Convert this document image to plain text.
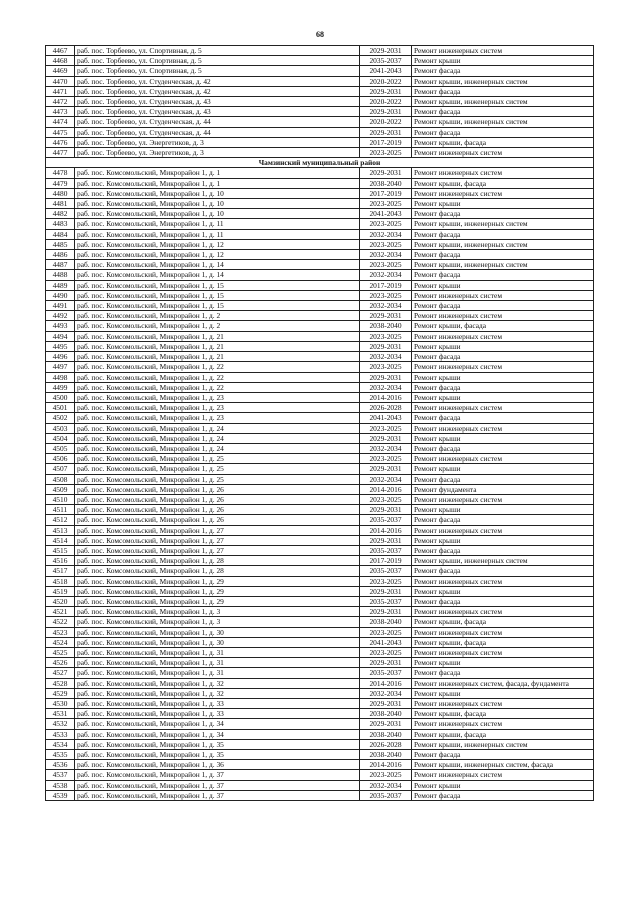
68
4467	раб. пос. Торбеево, ул. Спортивная, д. 5	2029-2031	Ремонт инженерных систем
4468	раб. пос. Торбеево, ул. Спортивная, д. 5	2035-2037	Ремонт крыши
4469	раб. пос. Торбеево, ул. Спортивная, д. 5	2041-2043	Ремонт фасада
4470	раб. пос. Торбеево, ул. Студенческая, д. 42	2020-2022	Ремонт крыши, инженерных систем
4471	раб. пос. Торбеево, ул. Студенческая, д. 42	2029-2031	Ремонт фасада
4472	раб. пос. Торбеево, ул. Студенческая, д. 43	2020-2022	Ремонт крыши, инженерных систем
4473	раб. пос. Торбеево, ул. Студенческая, д. 43	2029-2031	Ремонт фасада
4474	раб. пос. Торбеево, ул. Студенческая, д. 44	2020-2022	Ремонт крыши, инженерных систем
4475	раб. пос. Торбеево, ул. Студенческая, д. 44	2029-2031	Ремонт фасада
4476	раб. пос. Торбеево, ул. Энергетиков, д. 3	2017-2019	Ремонт крыши, фасада
4477	раб. пос. Торбеево, ул. Энергетиков, д. 3	2023-2025	Ремонт инженерных систем
Чамзинский муниципальный район			
4478	раб. пос. Комсомольский, Микрорайон 1, д. 1	2029-2031	Ремонт инженерных систем
4479	раб. пос. Комсомольский, Микрорайон 1, д. 1	2038-2040	Ремонт крыши, фасада
4480	раб. пос. Комсомольский, Микрорайон 1, д. 10	2017-2019	Ремонт инженерных систем
4481	раб. пос. Комсомольский, Микрорайон 1, д. 10	2023-2025	Ремонт крыши
4482	раб. пос. Комсомольский, Микрорайон 1, д. 10	2041-2043	Ремонт фасада
4483	раб. пос. Комсомольский, Микрорайон 1, д. 11	2023-2025	Ремонт крыши, инженерных систем
4484	раб. пос. Комсомольский, Микрорайон 1, д. 11	2032-2034	Ремонт фасада
4485	раб. пос. Комсомольский, Микрорайон 1, д. 12	2023-2025	Ремонт крыши, инженерных систем
4486	раб. пос. Комсомольский, Микрорайон 1, д. 12	2032-2034	Ремонт фасада
4487	раб. пос. Комсомольский, Микрорайон 1, д. 14	2023-2025	Ремонт крыши, инженерных систем
4488	раб. пос. Комсомольский, Микрорайон 1, д. 14	2032-2034	Ремонт фасада
4489	раб. пос. Комсомольский, Микрорайон 1, д. 15	2017-2019	Ремонт крыши
4490	раб. пос. Комсомольский, Микрорайон 1, д. 15	2023-2025	Ремонт инженерных систем
4491	раб. пос. Комсомольский, Микрорайон 1, д. 15	2032-2034	Ремонт фасада
4492	раб. пос. Комсомольский, Микрорайон 1, д. 2	2029-2031	Ремонт инженерных систем
4493	раб. пос. Комсомольский, Микрорайон 1, д. 2	2038-2040	Ремонт крыши, фасада
4494	раб. пос. Комсомольский, Микрорайон 1, д. 21	2023-2025	Ремонт инженерных систем
4495	раб. пос. Комсомольский, Микрорайон 1, д. 21	2029-2031	Ремонт крыши
4496	раб. пос. Комсомольский, Микрорайон 1, д. 21	2032-2034	Ремонт фасада
4497	раб. пос. Комсомольский, Микрорайон 1, д. 22	2023-2025	Ремонт инженерных систем
4498	раб. пос. Комсомольский, Микрорайон 1, д. 22	2029-2031	Ремонт крыши
4499	раб. пос. Комсомольский, Микрорайон 1, д. 22	2032-2034	Ремонт фасада
4500	раб. пос. Комсомольский, Микрорайон 1, д. 23	2014-2016	Ремонт крыши
4501	раб. пос. Комсомольский, Микрорайон 1, д. 23	2026-2028	Ремонт инженерных систем
4502	раб. пос. Комсомольский, Микрорайон 1, д. 23	2041-2043	Ремонт фасада
4503	раб. пос. Комсомольский, Микрорайон 1, д. 24	2023-2025	Ремонт инженерных систем
4504	раб. пос. Комсомольский, Микрорайон 1, д. 24	2029-2031	Ремонт крыши
4505	раб. пос. Комсомольский, Микрорайон 1, д. 24	2032-2034	Ремонт фасада
4506	раб. пос. Комсомольский, Микрорайон 1, д. 25	2023-2025	Ремонт инженерных систем
4507	раб. пос. Комсомольский, Микрорайон 1, д. 25	2029-2031	Ремонт крыши
4508	раб. пос. Комсомольский, Микрорайон 1, д. 25	2032-2034	Ремонт фасада
4509	раб. пос. Комсомольский, Микрорайон 1, д. 26	2014-2016	Ремонт фундамента
4510	раб. пос. Комсомольский, Микрорайон 1, д. 26	2023-2025	Ремонт инженерных систем
4511	раб. пос. Комсомольский, Микрорайон 1, д. 26	2029-2031	Ремонт крыши
4512	раб. пос. Комсомольский, Микрорайон 1, д. 26	2035-2037	Ремонт фасада
4513	раб. пос. Комсомольский, Микрорайон 1, д. 27	2014-2016	Ремонт инженерных систем
4514	раб. пос. Комсомольский, Микрорайон 1, д. 27	2029-2031	Ремонт крыши
4515	раб. пос. Комсомольский, Микрорайон 1, д. 27	2035-2037	Ремонт фасада
4516	раб. пос. Комсомольский, Микрорайон 1, д. 28	2017-2019	Ремонт крыши, инженерных систем
4517	раб. пос. Комсомольский, Микрорайон 1, д. 28	2035-2037	Ремонт фасада
4518	раб. пос. Комсомольский, Микрорайон 1, д. 29	2023-2025	Ремонт инженерных систем
4519	раб. пос. Комсомольский, Микрорайон 1, д. 29	2029-2031	Ремонт крыши
4520	раб. пос. Комсомольский, Микрорайон 1, д. 29	2035-2037	Ремонт фасада
4521	раб. пос. Комсомольский, Микрорайон 1, д. 3	2029-2031	Ремонт инженерных систем
4522	раб. пос. Комсомольский, Микрорайон 1, д. 3	2038-2040	Ремонт крыши, фасада
4523	раб. пос. Комсомольский, Микрорайон 1, д. 30	2023-2025	Ремонт инженерных систем
4524	раб. пос. Комсомольский, Микрорайон 1, д. 30	2041-2043	Ремонт крыши, фасада
4525	раб. пос. Комсомольский, Микрорайон 1, д. 31	2023-2025	Ремонт инженерных систем
4526	раб. пос. Комсомольский, Микрорайон 1, д. 31	2029-2031	Ремонт крыши
4527	раб. пос. Комсомольский, Микрорайон 1, д. 31	2035-2037	Ремонт фасада
4528	раб. пос. Комсомольский, Микрорайон 1, д. 32	2014-2016	Ремонт инженерных систем, фасада, фундамента
4529	раб. пос. Комсомольский, Микрорайон 1, д. 32	2032-2034	Ремонт крыши
4530	раб. пос. Комсомольский, Микрорайон 1, д. 33	2029-2031	Ремонт инженерных систем
4531	раб. пос. Комсомольский, Микрорайон 1, д. 33	2038-2040	Ремонт крыши, фасада
4532	раб. пос. Комсомольский, Микрорайон 1, д. 34	2029-2031	Ремонт инженерных систем
4533	раб. пос. Комсомольский, Микрорайон 1, д. 34	2038-2040	Ремонт крыши, фасада
4534	раб. пос. Комсомольский, Микрорайон 1, д. 35	2026-2028	Ремонт крыши, инженерных систем
4535	раб. пос. Комсомольский, Микрорайон 1, д. 35	2038-2040	Ремонт фасада
4536	раб. пос. Комсомольский, Микрорайон 1, д. 36	2014-2016	Ремонт крыши, инженерных систем, фасада
4537	раб. пос. Комсомольский, Микрорайон 1, д. 37	2023-2025	Ремонт инженерных систем
4538	раб. пос. Комсомольский, Микрорайон 1, д. 37	2032-2034	Ремонт крыши
4539	раб. пос. Комсомольский, Микрорайон 1, д. 37	2035-2037	Ремонт фасада
